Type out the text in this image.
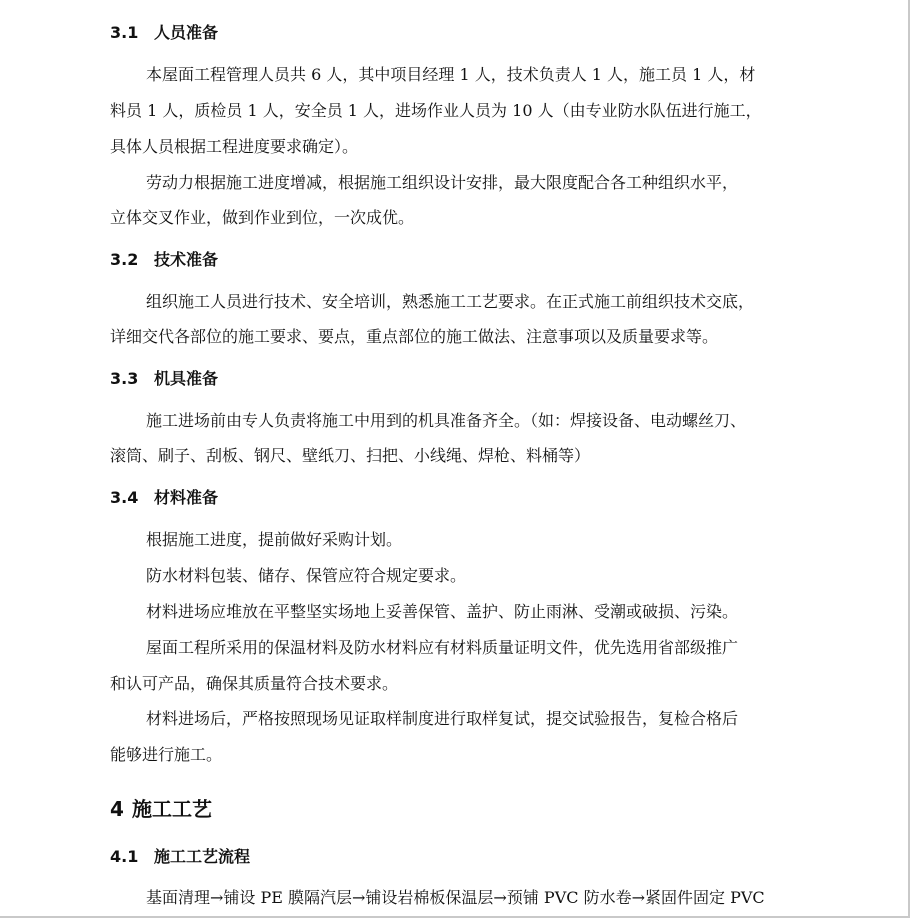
3.1 人员准备
本屋面工程管理人员共 6 人，其中项目经理 1 人，技术负责人 1 人，施工员 1 人，材
料员 1 人，质检员 1 人，安全员 1 人，进场作业人员为 10 人（由专业防水队伍进行施工，
具体人员根据工程进度要求确定）。
劳动力根据施工进度增减，根据施工组织设计安排，最大限度配合各工种组织水平，
立体交叉作业，做到作业到位，一次成优。
3.2 技术准备
组织施工人员进行技术、安全培训，熟悉施工工艺要求。在正式施工前组织技术交底，
详细交代各部位的施工要求、要点，重点部位的施工做法、注意事项以及质量要求等。
3.3 机具准备
施工进场前由专人负责将施工中用到的机具准备齐全。（如：焊接设备、电动螺丝刀、
滚筒、刷子、刮板、钢尺、壁纸刀、扫把、小线绳、焊枪、料桶等）
3.4 材料准备
根据施工进度，提前做好采购计划。
防水材料包装、储存、保管应符合规定要求。
材料进场应堆放在平整坚实场地上妥善保管、盖护、防止雨淋、受潮或破损、污染。
屋面工程所采用的保温材料及防水材料应有材料质量证明文件，优先选用省部级推广
和认可产品，确保其质量符合技术要求。
材料进场后，严格按照现场见证取样制度进行取样复试，提交试验报告，复检合格后
能够进行施工。
4 施工工艺
4.1 施工工艺流程
基面清理→铺设 PE 膜隔汽层→铺设岩棉板保温层→预铺 PVC 防水卷→紧固件固定 PVC
